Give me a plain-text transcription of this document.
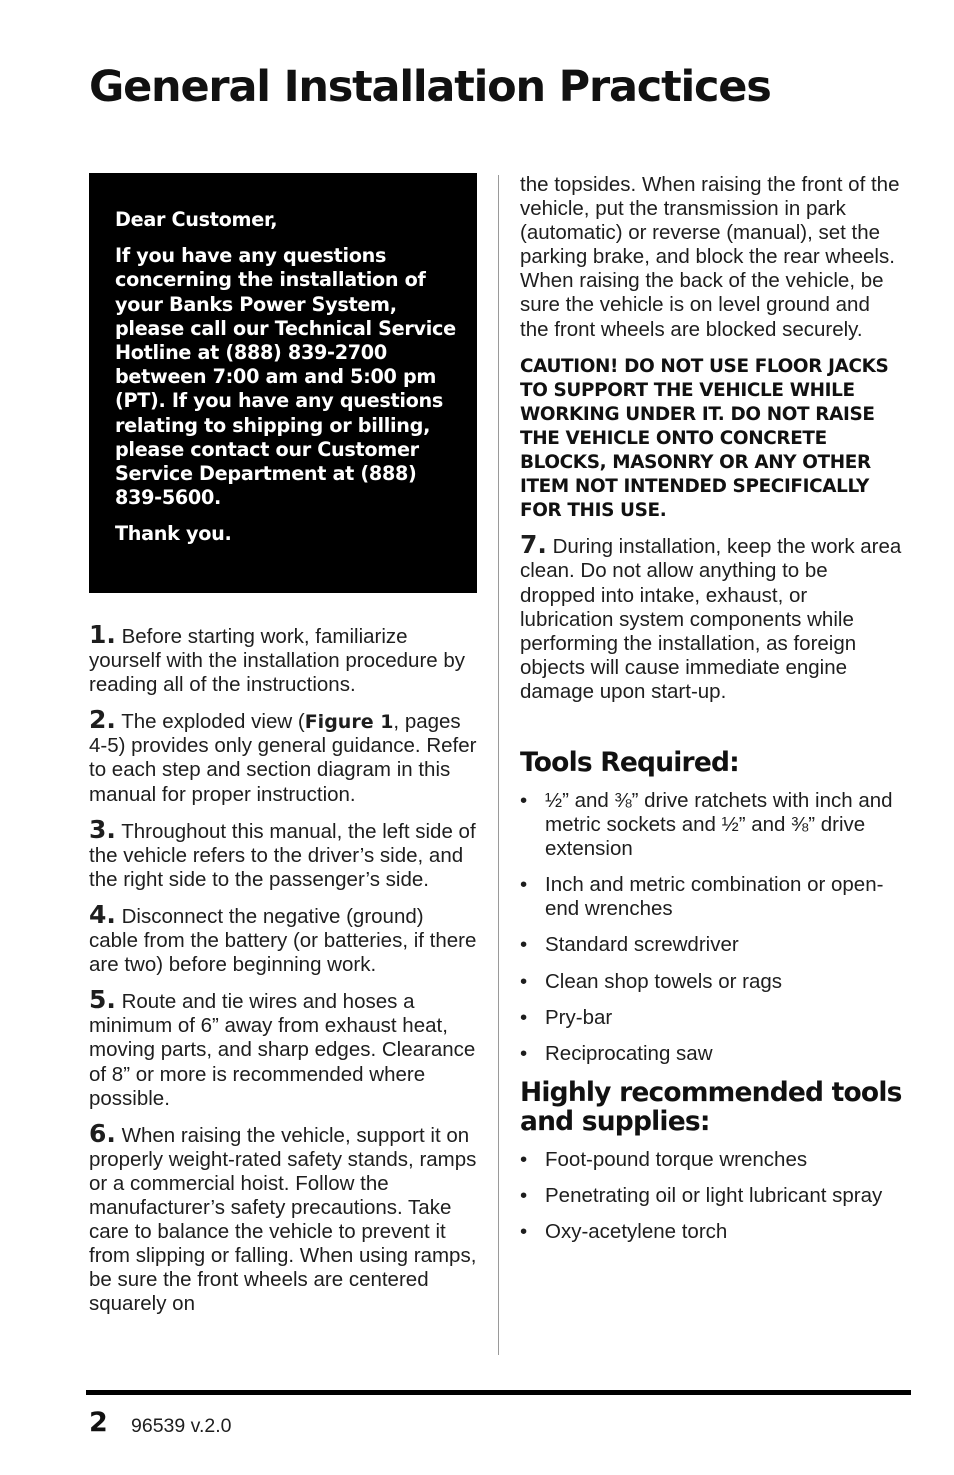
General Installation Practices

Dear Customer,

If you have any questions concerning the installation of your Banks Power System, please call our Technical Service Hotline at (888) 839-2700 between 7:00 am and 5:00 pm (PT). If you have any questions relating to shipping or billing, please contact our Customer Service Department at (888) 839-5600.

Thank you.

1. Before starting work, familiarize yourself with the installation procedure by reading all of the instructions.

2. The exploded view (Figure 1, pages 4-5) provides only general guidance. Refer to each step and section diagram in this manual for proper instruction.

3. Throughout this manual, the left side of the vehicle refers to the driver’s side, and the right side to the passenger’s side.

4. Disconnect the negative (ground) cable from the battery (or batteries, if there are two) before beginning work.

5. Route and tie wires and hoses a minimum of 6” away from exhaust heat, moving parts, and sharp edges. Clearance of 8” or more is recommended where possible.

6. When raising the vehicle, support it on properly weight-rated safety stands, ramps or a commercial hoist. Follow the manufacturer’s safety precautions. Take care to balance the vehicle to prevent it from slipping or falling. When using ramps, be sure the front wheels are centered squarely on

the topsides. When raising the front of the vehicle, put the transmission in park (automatic) or reverse (manual), set the parking brake, and block the rear wheels. When raising the back of the vehicle, be sure the vehicle is on level ground and the front wheels are blocked securely.

CAUTION! DO NOT USE FLOOR JACKS TO SUPPORT THE VEHICLE WHILE WORKING UNDER IT. DO NOT RAISE THE VEHICLE ONTO CONCRETE BLOCKS, MASONRY OR ANY OTHER ITEM NOT INTENDED SPECIFICALLY FOR THIS USE.

7. During installation, keep the work area clean. Do not allow anything to be dropped into intake, exhaust, or lubrication system components while performing the installation, as foreign objects will cause immediate engine damage upon start-up.

Tools Required:
• ½” and ⅜” drive ratchets with inch and metric sockets and ½” and ⅜” drive extension
• Inch and metric combination or open-end wrenches
• Standard screwdriver
• Clean shop towels or rags
• Pry-bar
• Reciprocating saw
Highly recommended tools and supplies:
• Foot-pound torque wrenches
• Penetrating oil or light lubricant spray
• Oxy-acetylene torch
2 96539 v.2.0
